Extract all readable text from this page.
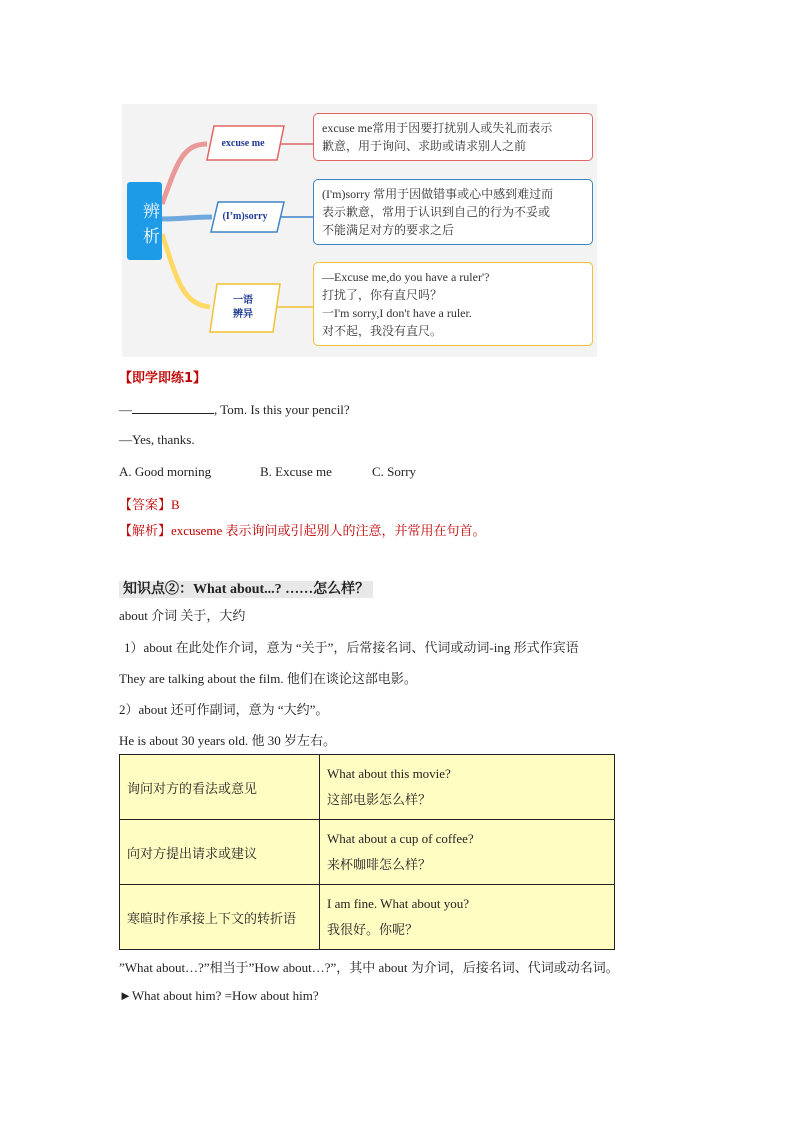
辨析
excuse me
(I’m)sorry
一语
辨异
excuse me常用于因要打扰别人或失礼而表示
歉意，用于询问、求助或请求别人之前
(I'm)sorry 常用于因做错事或心中感到难过而
表示歉意，常用于认识到自己的行为不妥或
不能满足对方的要求之后
—Excuse me,do you have a ruler'?
打扰了，你有直尺吗？
一I'm sorry,I don't have a ruler.
对不起，我没有直尺。
【即学即练1】
—	, Tom. Is this your pencil?
—Yes, thanks.
A. Good morning	B. Excuse me	C. Sorry
【答案】B
【解析】excuseme 表示询问或引起别人的注意，并常用在句首。
知识点②：What about...? ……怎么样？
about 介词 关于，大约
1）about 在此处作介词，意为 “关于”，后常接名词、代词或动词-ing 形式作宾语
They are talking about the film. 他们在谈论这部电影。
2）about 还可作副词，意为 “大约”。
He is about 30 years old. 他 30 岁左右。
询问对方的看法或意见	What about this movie?
这部电影怎么样？

向对方提出请求或建议	What about a cup of coffee?
来杯咖啡怎么样？

寒暄时作承接上下文的转折语	I am fine. What about you?
我很好。你呢？
”What about…?”相当于”How about…?”，其中 about 为介词，后接名词、代词或动名词。
►What about him? =How about him?
